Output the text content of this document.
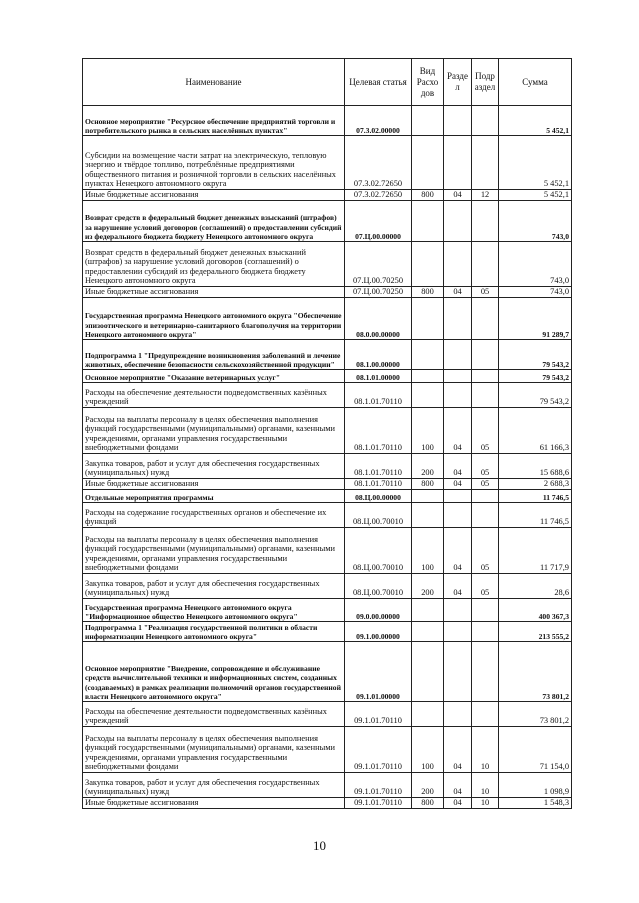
Наименование	Целевая статья	Вид Расхо дов	Разде л	Подр аздел	Сумма
Основное мероприятие "Ресурсное обеспечение предприятий торговли и потребительского рынка в сельских населённых пунктах"	07.3.02.00000				5 452,1
Субсидии на возмещение части затрат на электрическую, тепловую энергию и твёрдое топливо, потреблённые предприятиями общественного питания и розничной торговли в сельских населённых пунктах Ненецкого автономного округа	07.3.02.72650				5 452,1
Иные бюджетные ассигнования	07.3.02.72650	800	04	12	5 452,1
Возврат средств в федеральный бюджет денежных взысканий (штрафов) за нарушение условий договоров (соглашений) о предоставлении субсидий из федерального бюджета бюджету Ненецкого автономного округа	07.Ц.00.00000				743,0
Возврат средств в федеральный бюджет денежных взысканий (штрафов) за нарушение условий договоров (соглашений) о предоставлении субсидий из федерального бюджета бюджету Ненецкого автономного округа	07.Ц.00.70250				743,0
Иные бюджетные ассигнования	07.Ц.00.70250	800	04	05	743,0
Государственная программа Ненецкого автономного округа "Обеспечение эпизоотического и ветеринарно-санитарного благополучия на территории Ненецкого автономного округа"	08.0.00.00000				91 289,7
Подпрограмма 1 "Предупреждение возникновения заболеваний и лечение животных, обеспечение безопасности сельскохозяйственной продукции"	08.1.00.00000				79 543,2
Основное мероприятие "Оказание ветеринарных услуг"	08.1.01.00000				79 543,2
Расходы на обеспечение деятельности подведомственных казённых учреждений	08.1.01.70110				79 543,2
Расходы на выплаты персоналу в целях обеспечения выполнения функций государственными (муниципальными) органами, казенными учреждениями, органами управления государственными внебюджетными фондами	08.1.01.70110	100	04	05	61 166,3
Закупка товаров, работ и услуг для обеспечения государственных (муниципальных) нужд	08.1.01.70110	200	04	05	15 688,6
Иные бюджетные ассигнования	08.1.01.70110	800	04	05	2 688,3
Отдельные мероприятия программы	08.Ц.00.00000				11 746,5
Расходы на содержание государственных органов и обеспечение их функций	08.Ц.00.70010				11 746,5
Расходы на выплаты персоналу в целях обеспечения выполнения функций государственными (муниципальными) органами, казенными учреждениями, органами управления государственными внебюджетными фондами	08.Ц.00.70010	100	04	05	11 717,9
Закупка товаров, работ и услуг для обеспечения государственных (муниципальных) нужд	08.Ц.00.70010	200	04	05	28,6
Государственная программа Ненецкого автономного округа "Информационное общество Ненецкого автономного округа"	09.0.00.00000				400 367,3
Подпрограмма 1 "Реализация государственной политики в области информатизации Ненецкого автономного округа"	09.1.00.00000				213 555,2
Основное мероприятие "Внедрение, сопровождение и обслуживание средств вычислительной техники и информационных систем, созданных (создаваемых) в рамках реализации полномочий органов государственной власти Ненецкого автономного округа"	09.1.01.00000				73 801,2
Расходы на обеспечение деятельности подведомственных казённых учреждений	09.1.01.70110				73 801,2
Расходы на выплаты персоналу в целях обеспечения выполнения функций государственными (муниципальными) органами, казенными учреждениями, органами управления государственными внебюджетными фондами	09.1.01.70110	100	04	10	71 154,0
Закупка товаров, работ и услуг для обеспечения государственных (муниципальных) нужд	09.1.01.70110	200	04	10	1 098,9
Иные бюджетные ассигнования	09.1.01.70110	800	04	10	1 548,3
10
